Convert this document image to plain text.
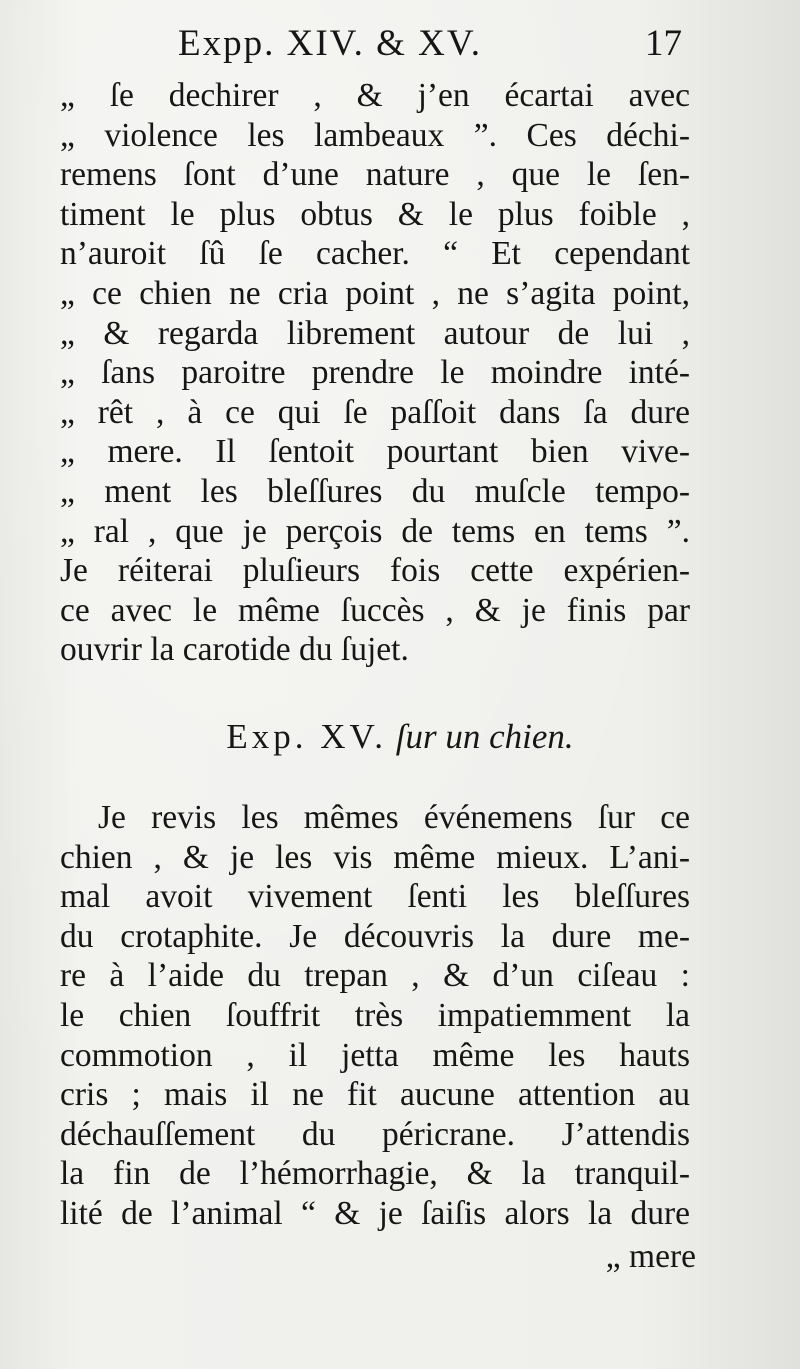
Expp. XIV. & XV.	17
„ ſe dechirer , & j’en écartai avec
„ violence les lambeaux ”. Ces déchi-
remens ſont d’une nature , que le ſen-
timent le plus obtus & le plus foible ,
n’auroit ſû ſe cacher. “ Et cependant
„ ce chien ne cria point , ne s’agita point,
„ & regarda librement autour de lui ,
„ ſans paroitre prendre le moindre inté-
„ rêt , à ce qui ſe paſſoit dans ſa dure
„ mere. Il ſentoit pourtant bien vive-
„ ment les bleſſures du muſcle tempo-
„ ral , que je perçois de tems en tems ”.
Je réiterai pluſieurs fois cette expérien-
ce avec le même ſuccès , & je finis par
ouvrir la carotide du ſujet.
Exp. XV. ſur un chien.
Je revis les mêmes événemens ſur ce
chien , & je les vis même mieux. L’ani-
mal avoit vivement ſenti les bleſſures
du crotaphite. Je découvris la dure me-
re à l’aide du trepan , & d’un ciſeau :
le chien ſouffrit très impatiemment la
commotion , il jetta même les hauts
cris ; mais il ne fit aucune attention au
déchauſſement du péricrane. J’attendis
la fin de l’hémorrhagie, & la tranquil-
lité de l’animal “ & je ſaiſis alors la dure
„ mere
